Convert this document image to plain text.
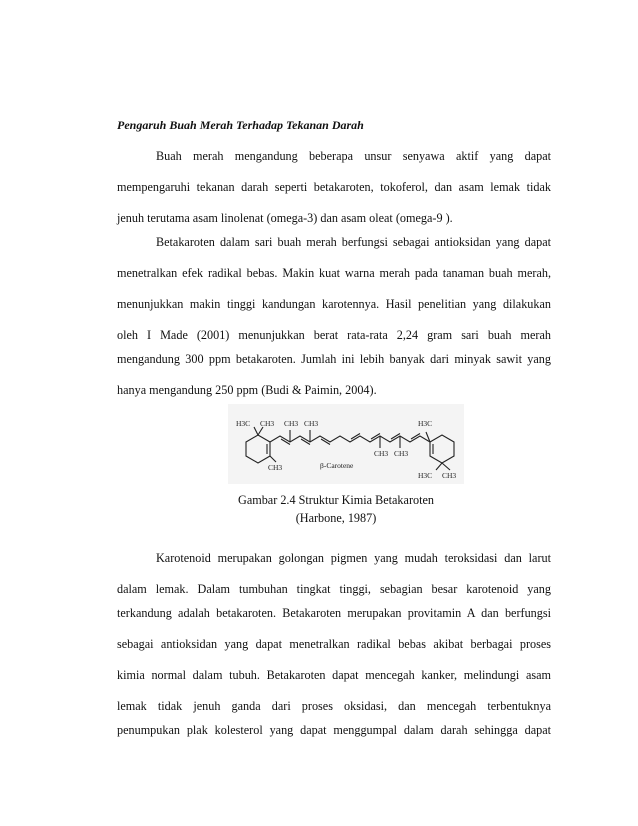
Pengaruh Buah Merah Terhadap Tekanan Darah
Buah merah mengandung beberapa unsur senyawa aktif yang dapat
mempengaruhi tekanan darah seperti betakaroten, tokoferol, dan asam lemak tidak
jenuh terutama asam linolenat (omega-3) dan asam oleat (omega-9 ).
Betakaroten dalam sari buah merah berfungsi sebagai antioksidan yang dapat
menetralkan efek radikal bebas. Makin kuat warna merah pada tanaman buah merah,
menunjukkan makin tinggi kandungan karotennya. Hasil penelitian yang dilakukan
oleh I Made (2001) menunjukkan berat rata-rata 2,24 gram sari buah merah
mengandung 300 ppm betakaroten. Jumlah ini lebih banyak dari minyak sawit yang
hanya mengandung 250 ppm (Budi & Paimin, 2004).
H3C CH3 CH3 CH3
CH3
CH3 CH3
H3C
H3C CH3
β-Carotene
Gambar 2.4 Struktur Kimia Betakaroten
(Harbone, 1987)
Karotenoid merupakan golongan pigmen yang mudah teroksidasi dan larut
dalam lemak. Dalam tumbuhan tingkat tinggi, sebagian besar karotenoid yang
terkandung adalah betakaroten. Betakaroten merupakan provitamin A dan berfungsi
sebagai antioksidan yang dapat menetralkan radikal bebas akibat berbagai proses
kimia normal dalam tubuh. Betakaroten dapat mencegah kanker, melindungi asam
lemak tidak jenuh ganda dari proses oksidasi, dan mencegah terbentuknya
penumpukan plak kolesterol yang dapat menggumpal dalam darah sehingga dapat
